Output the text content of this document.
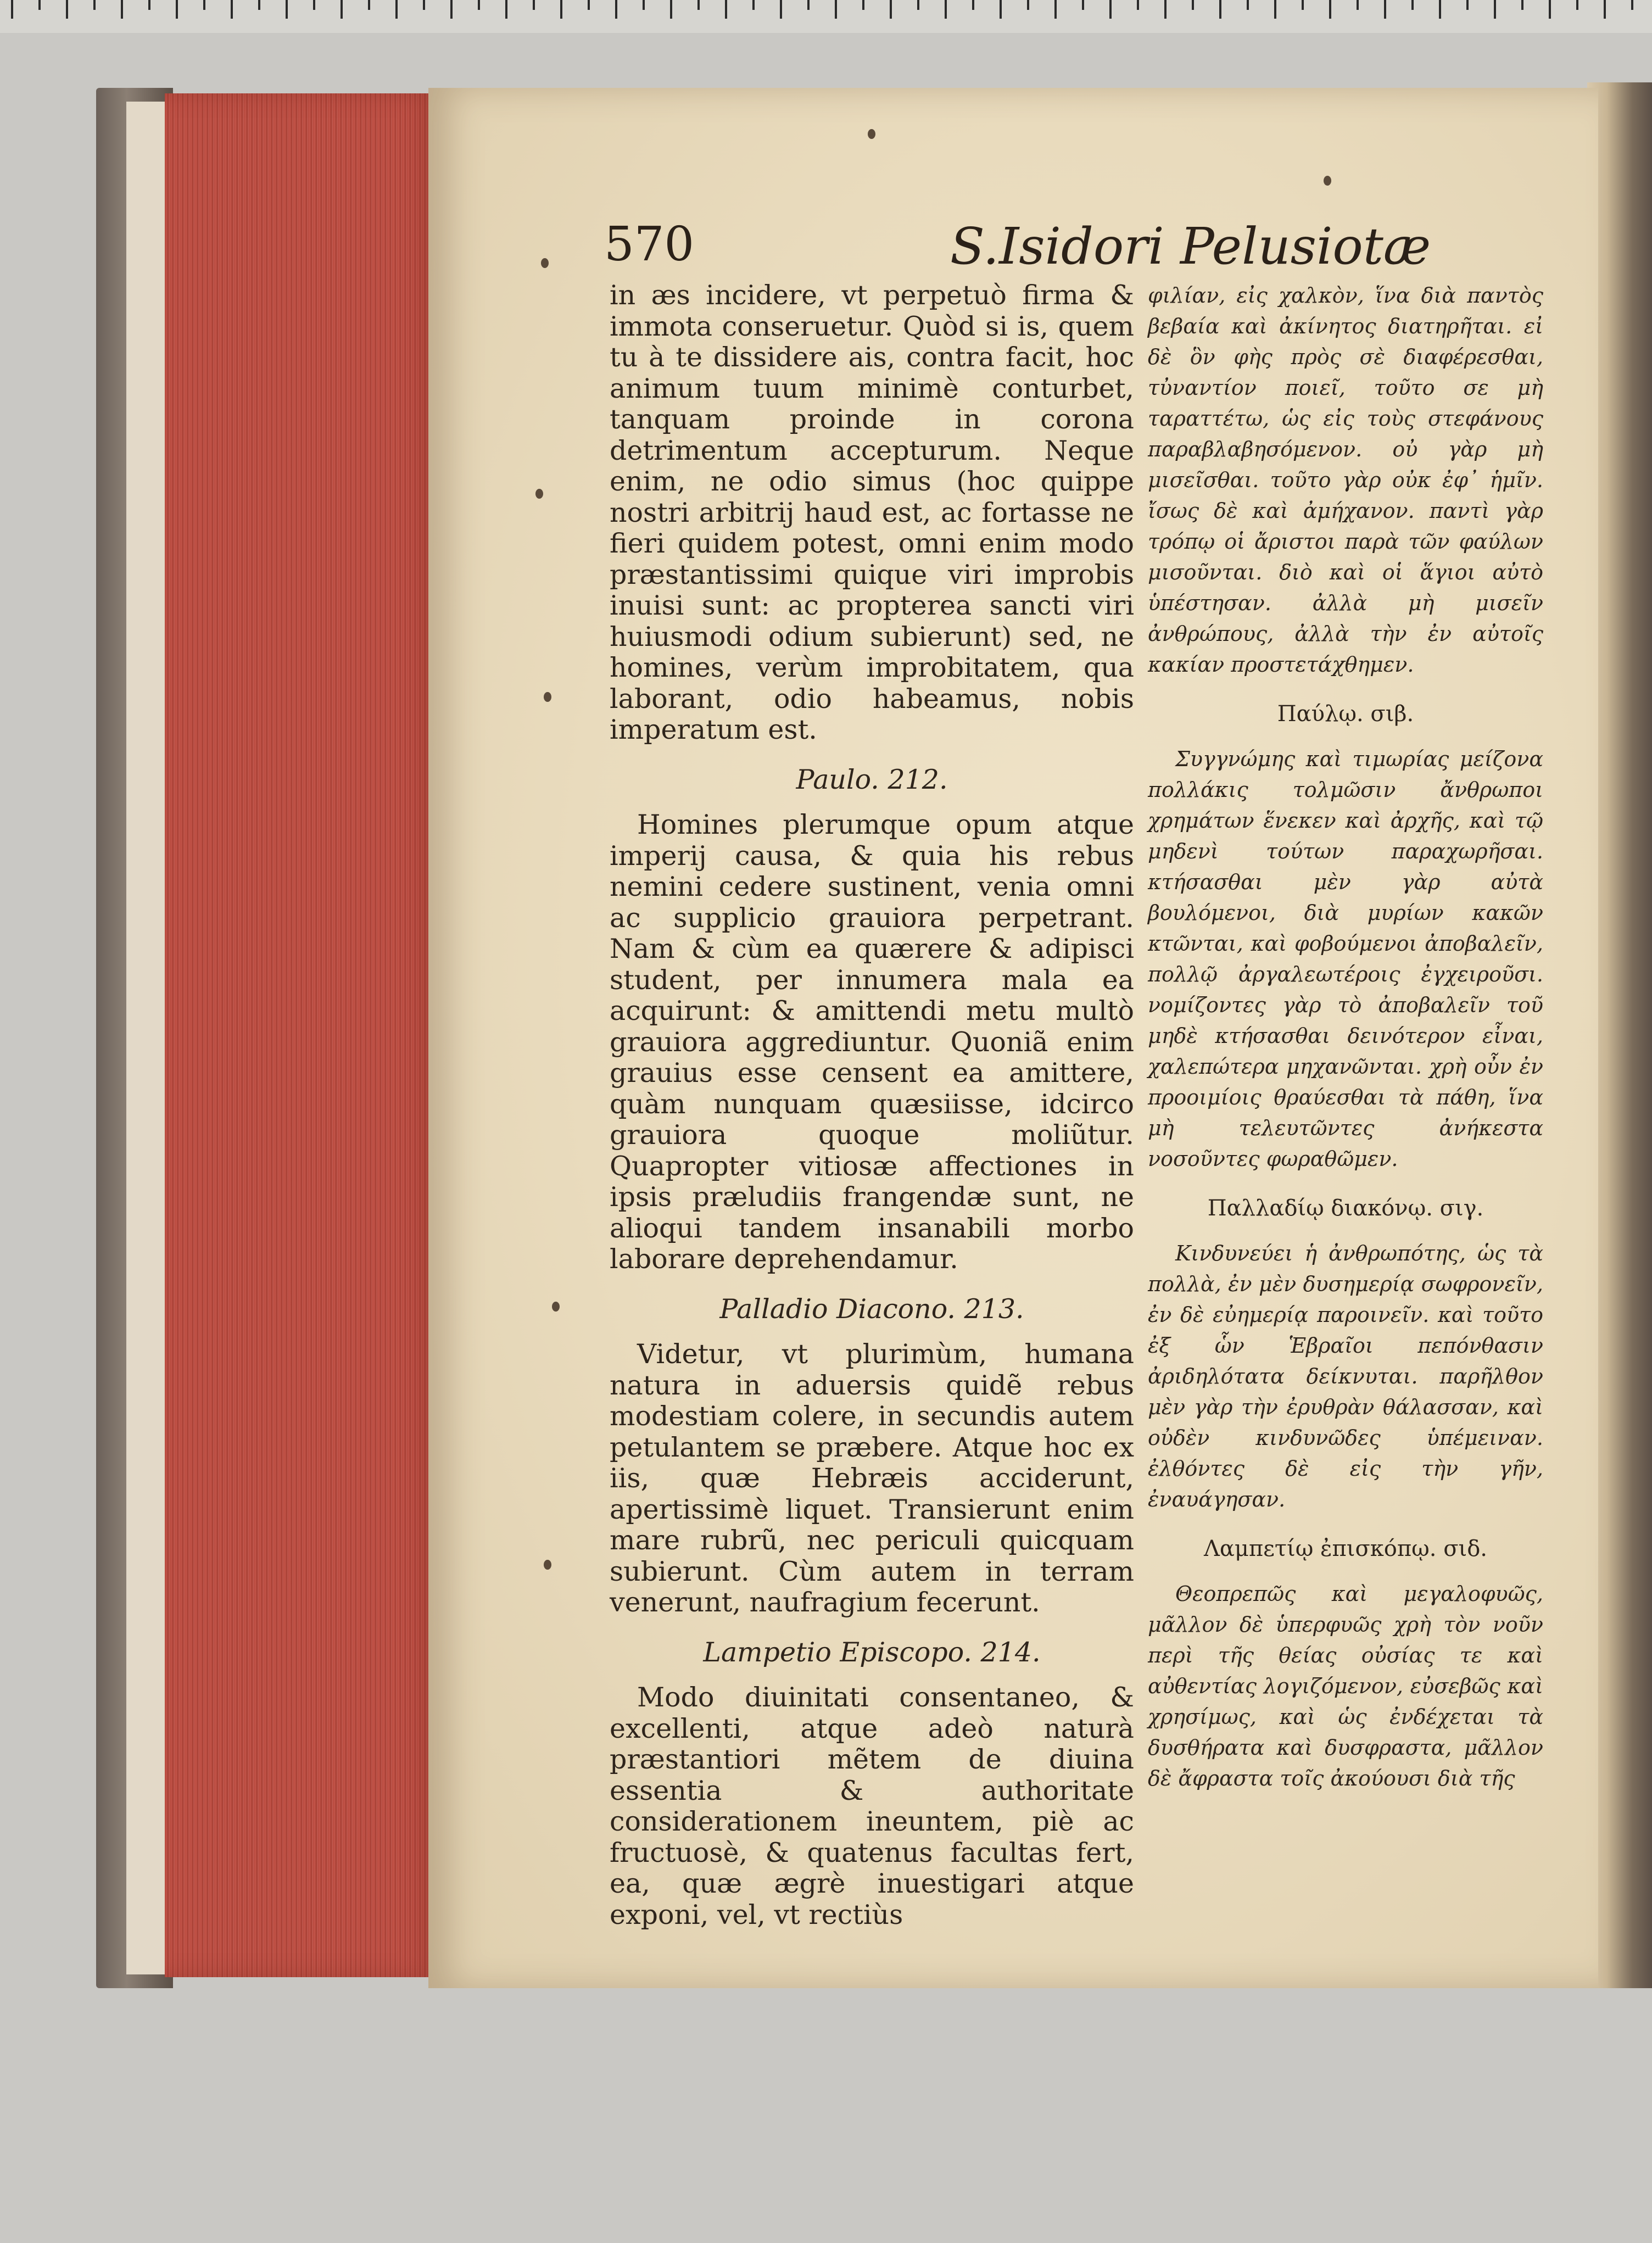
570	S.Isidori Pelusiotæ

in æs incidere, vt perpetuò firma & immota conseruetur. Quòd si is, quem tu à te dissidere ais, contra facit, hoc animum tuum minimè conturbet, tanquam proinde in corona detrimentum accepturum. Neque enim, ne odio simus (hoc quippe nostri arbitrij haud est, ac fortasse ne fieri quidem potest, omni enim modo præstantissimi quique viri improbis inuisi sunt: ac propterea sancti viri huiusmodi odium subierunt) sed, ne homines, verùm improbitatem, qua laborant, odio habeamus, nobis imperatum est.

Paulo. 212.

Homines plerumque opum atque imperij causa, & quia his rebus nemini cedere sustinent, venia omni ac supplicio grauiora perpetrant. Nam & cùm ea quærere & adipisci student, per innumera mala ea acquirunt: & amittendi metu multò grauiora aggrediuntur. Quoniã enim grauius esse censent ea amittere, quàm nunquam quæsiisse, idcirco grauiora quoque moliũtur. Quapropter vitiosæ affectiones in ipsis præludiis frangendæ sunt, ne alioqui tandem insanabili morbo laborare deprehendamur.

Palladio Diacono. 213.

Videtur, vt plurimùm, humana natura in aduersis quidẽ rebus modestiam colere, in secundis autem petulantem se præbere. Atque hoc ex iis, quæ Hebræis acciderunt, apertissimè liquet. Transierunt enim mare rubrũ, nec periculi quicquam subierunt. Cùm autem in terram venerunt, naufragium fecerunt.

Lampetio Episcopo. 214.

Modo diuinitati consentaneo, & excellenti, atque adeò naturà præstantiori mẽtem de diuina essentia & authoritate considerationem ineuntem, piè ac fructuosè, & quatenus facultas fert, ea, quæ ægrè inuestigari atque exponi, vel, vt rectiùs

φιλίαν, εἰς χαλκὸν, ἵνα διὰ παντὸς βεβαία καὶ ἀκίνητος διατηρῆται. εἰ δὲ ὃν φὴς πρὸς σὲ διαφέρεσθαι, τὐναντίον ποιεῖ, τοῦτο σε μὴ ταραττέτω, ὡς εἰς τοὺς στεφάνους παραβλαβησόμενον. οὐ γὰρ μὴ μισεῖσθαι. τοῦτο γὰρ οὐκ ἐφ᾽ ἡμῖν. ἴσως δὲ καὶ ἀμήχανον. παντὶ γὰρ τρόπῳ οἱ ἄριστοι παρὰ τῶν φαύλων μισοῦνται. διὸ καὶ οἱ ἅγιοι αὐτὸ ὑπέστησαν. ἀλλὰ μὴ μισεῖν ἀνθρώπους, ἀλλὰ τὴν ἐν αὐτοῖς κακίαν προστετάχθημεν.

Παύλῳ. σιβ.

Συγγνώμης καὶ τιμωρίας μείζονα πολλάκις τολμῶσιν ἄνθρωποι χρημάτων ἕνεκεν καὶ ἀρχῆς, καὶ τῷ μηδενὶ τούτων παραχωρῆσαι. κτήσασθαι μὲν γὰρ αὐτὰ βουλόμενοι, διὰ μυρίων κακῶν κτῶνται, καὶ φοβούμενοι ἀποβαλεῖν, πολλῷ ἀργαλεωτέροις ἐγχειροῦσι. νομίζοντες γὰρ τὸ ἀποβαλεῖν τοῦ μηδὲ κτήσασθαι δεινότερον εἶναι, χαλεπώτερα μηχανῶνται. χρὴ οὖν ἐν προοιμίοις θραύεσθαι τὰ πάθη, ἵνα μὴ τελευτῶντες ἀνήκεστα νοσοῦντες φωραθῶμεν.

Παλλαδίῳ διακόνῳ. σιγ.

Κινδυνεύει ἡ ἀνθρωπότης, ὡς τὰ πολλὰ, ἐν μὲν δυσημερίᾳ σωφρονεῖν, ἐν δὲ εὐημερίᾳ παροινεῖν. καὶ τοῦτο ἐξ ὧν Ἑβραῖοι πεπόνθασιν ἀριδηλότατα δείκνυται. παρῆλθον μὲν γὰρ τὴν ἐρυθρὰν θάλασσαν, καὶ οὐδὲν κινδυνῶδες ὑπέμειναν. ἐλθόντες δὲ εἰς τὴν γῆν, ἐναυάγησαν.

Λαμπετίῳ ἐπισκόπῳ. σιδ.

Θεοπρεπῶς καὶ μεγαλοφυῶς, μᾶλλον δὲ ὑπερφυῶς χρὴ τὸν νοῦν περὶ τῆς θείας οὐσίας τε καὶ αὐθεντίας λογιζόμενον, εὐσεβῶς καὶ χρησίμως, καὶ ὡς ἐνδέχεται τὰ δυσθήρατα καὶ δυσφραστα, μᾶλλον δὲ ἄφραστα τοῖς ἀκούουσι διὰ τῆς
